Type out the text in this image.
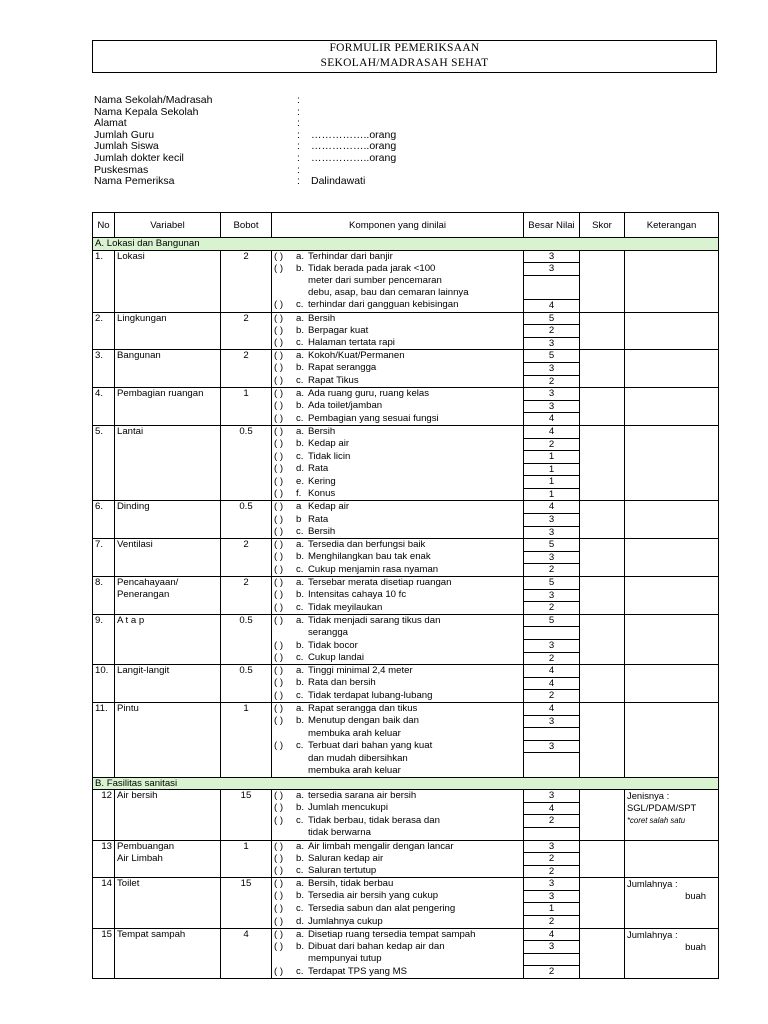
FORMULIR PEMERIKSAAN
SEKOLAH/MADRASAH SEHAT
Nama Sekolah/Madrasah	:
Nama Kepala Sekolah	:
Alamat	:
Jumlah Guru	: ……………..orang
Jumlah Siswa	: ……………..orang
Jumlah dokter kecil	: ……………..orang
Puskesmas	:
Nama Pemeriksa	: Dalindawati
No	Variabel	Bobot	Komponen yang dinilai	Besar Nilai	Skor	Keterangan
A. Lokasi dan Bangunan						
1.	Lokasi	2	( ) a. Terhindar dari banjir	3		
			( ) b. Tidak berada pada jarak <100	3		
			meter dari sumber pencemaran			
			debu, asap, bau dan cemaran lainnya			
			( ) c. terhindar dari gangguan kebisingan	4		
2.	Lingkungan	2	( ) a. Bersih	5		
			( ) b. Berpagar kuat	2		
			( ) c. Halaman tertata rapi	3		
3.	Bangunan	2	( ) a. Kokoh/Kuat/Permanen	5		
			( ) b. Rapat serangga	3		
			( ) c. Rapat Tikus	2		
4.	Pembagian ruangan	1	( ) a. Ada ruang guru, ruang kelas	3		
			( ) b. Ada toilet/jamban	3		
			( ) c. Pembagian yang sesuai fungsi	4		
5.	Lantai	0.5	( ) a. Bersih	4		
			( ) b. Kedap air	2		
			( ) c. Tidak licin	1		
			( ) d. Rata	1		
			( ) e. Kering	1		
			( ) f. Konus	1		
6.	Dinding	0.5	( ) a Kedap air	4		
			( ) b Rata	3		
			( ) c. Bersih	3		
7.	Ventilasi	2	( ) a. Tersedia dan berfungsi baik	5		
			( ) b. Menghilangkan bau tak enak	3		
			( ) c. Cukup menjamin rasa nyaman	2		
8.	Pencahayaan/	2	( ) a. Tersebar merata disetiap ruangan	5		
	Penerangan		( ) b. Intensitas cahaya 10 fc	3		
			( ) c. Tidak meyilaukan	2		
9.	A t a p	0.5	( ) a. Tidak menjadi sarang tikus dan	5		
			serangga			
			( ) b. Tidak bocor	3		
			( ) c. Cukup landai	2		
10.	Langit-langit	0.5	( ) a. Tinggi minimal 2,4 meter	4		
			( ) b. Rata dan bersih	4		
			( ) c. Tidak terdapat lubang-lubang	2		
11.	Pintu	1	( ) a. Rapat serangga dan tikus	4		
			( ) b. Menutup dengan baik dan	3		
			membuka arah keluar			
			( ) c. Terbuat dari bahan yang kuat	3		
			dan mudah dibersihkan			
			membuka arah keluar			
B. Fasilitas sanitasi						
12	Air bersih	15	( ) a. tersedia sarana air bersih	3		Jenisnya :
			( ) b. Jumlah mencukupi	4		SGL/PDAM/SPT
			( ) c. Tidak berbau, tidak berasa dan	2		*coret salah satu
			tidak berwarna			
13	Pembuangan	1	( ) a. Air limbah mengalir dengan lancar	3		
	Air Limbah		( ) b. Saluran kedap air	2		
			( ) c. Saluran tertutup	2		
14	Toilet	15	( ) a. Bersih, tidak berbau	3		Jumlahnya :
			( ) b. Tersedia air bersih yang cukup	3		buah
			( ) c. Tersedia sabun dan alat pengering	1		
			( ) d. Jumlahnya cukup	2		
15	Tempat sampah	4	( ) a. Disetiap ruang tersedia tempat sampah	4		Jumlahnya :
			( ) b. Dibuat dari bahan kedap air dan	3		buah
			mempunyai tutup			
			( ) c. Terdapat TPS yang MS	2		
